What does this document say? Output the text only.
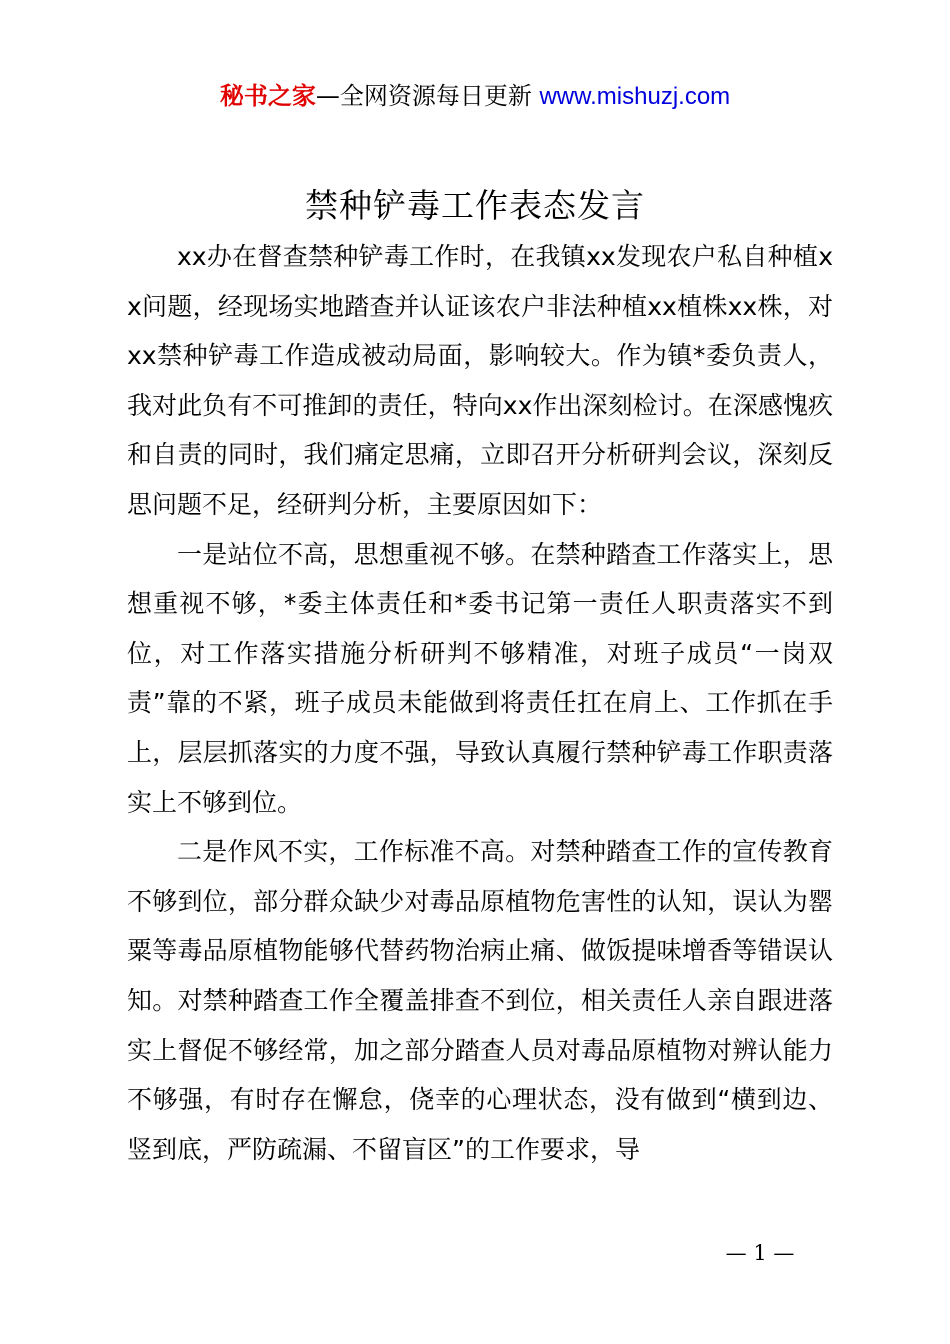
秘书之家—全网资源每日更新 www.mishuzj.com
禁种铲毒工作表态发言

xx办在督查禁种铲毒工作时，在我镇xx发现农户私自种植xx问题，经现场实地踏查并认证该农户非法种植xx植株xx株，对xx禁种铲毒工作造成被动局面，影响较大。作为镇*委负责人，我对此负有不可推卸的责任，特向xx作出深刻检讨。在深感愧疚和自责的同时，我们痛定思痛，立即召开分析研判会议，深刻反思问题不足，经研判分析，主要原因如下：

一是站位不高，思想重视不够。在禁种踏查工作落实上，思想重视不够，*委主体责任和*委书记第一责任人职责落实不到位，对工作落实措施分析研判不够精准，对班子成员“一岗双责”靠的不紧，班子成员未能做到将责任扛在肩上、工作抓在手上，层层抓落实的力度不强，导致认真履行禁种铲毒工作职责落实上不够到位。

二是作风不实，工作标准不高。对禁种踏查工作的宣传教育不够到位，部分群众缺少对毒品原植物危害性的认知，误认为罂粟等毒品原植物能够代替药物治病止痛、做饭提味增香等错误认知。对禁种踏查工作全覆盖排查不到位，相关责任人亲自跟进落实上督促不够经常，加之部分踏查人员对毒品原植物对辨认能力不够强，有时存在懈怠，侥幸的心理状态，没有做到“横到边、竖到底，严防疏漏、不留盲区”的工作要求，导

— 1 —
